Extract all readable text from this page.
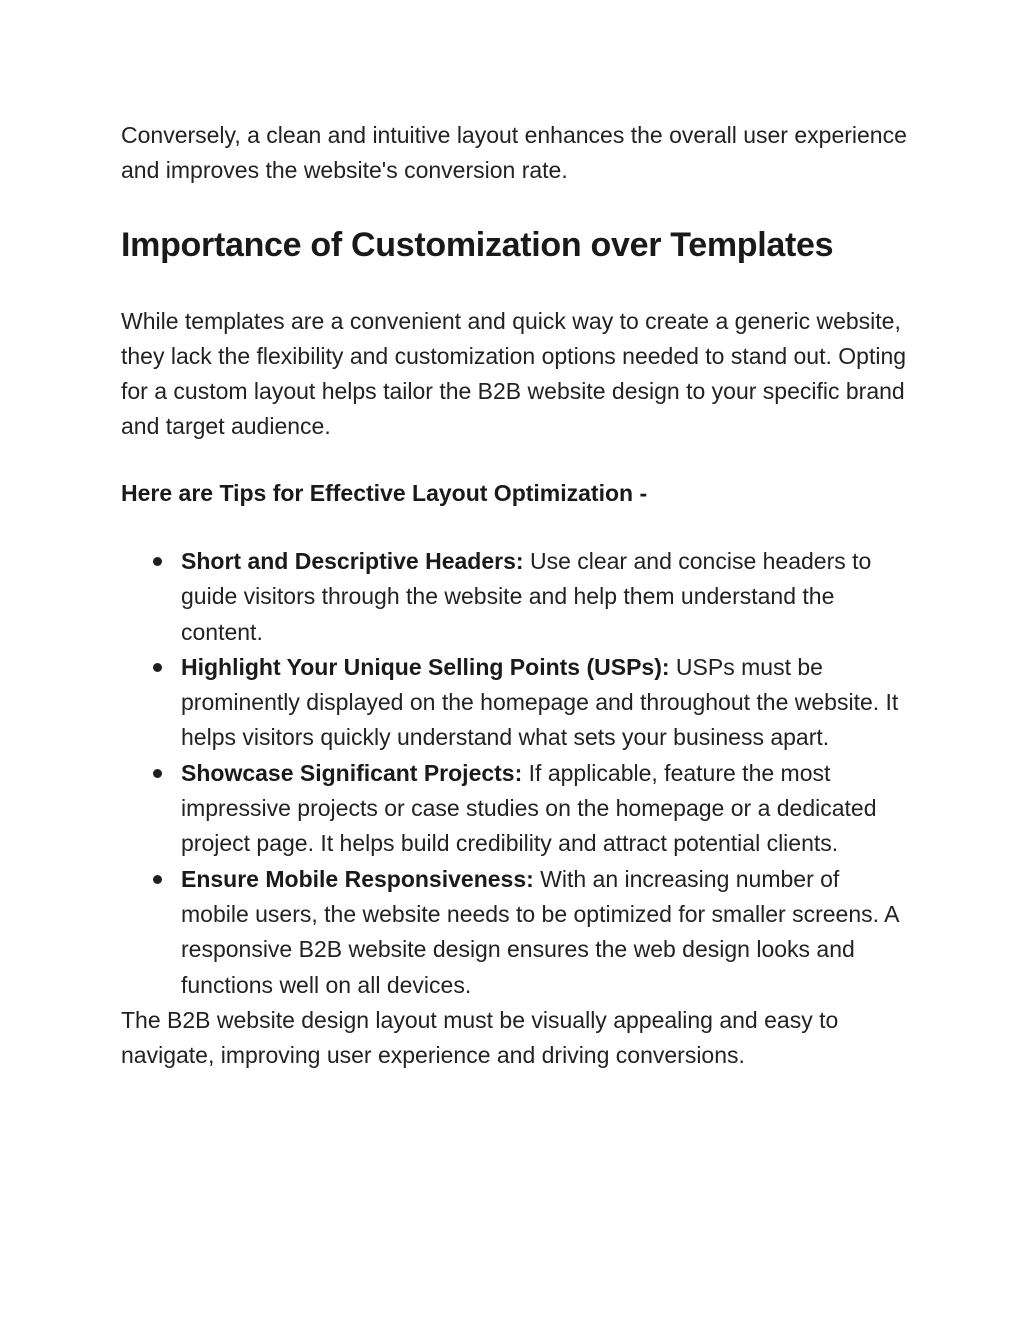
Conversely, a clean and intuitive layout enhances the overall user experience and improves the website's conversion rate.

Importance of Customization over Templates

While templates are a convenient and quick way to create a generic website, they lack the flexibility and customization options needed to stand out. Opting for a custom layout helps tailor the B2B website design to your specific brand and target audience.

Here are Tips for Effective Layout Optimization -

Short and Descriptive Headers: Use clear and concise headers to guide visitors through the website and help them understand the content.
Highlight Your Unique Selling Points (USPs): USPs must be prominently displayed on the homepage and throughout the website. It helps visitors quickly understand what sets your business apart.
Showcase Significant Projects: If applicable, feature the most impressive projects or case studies on the homepage or a dedicated project page. It helps build credibility and attract potential clients.
Ensure Mobile Responsiveness: With an increasing number of mobile users, the website needs to be optimized for smaller screens. A responsive B2B website design ensures the web design looks and functions well on all devices.

The B2B website design layout must be visually appealing and easy to navigate, improving user experience and driving conversions.
